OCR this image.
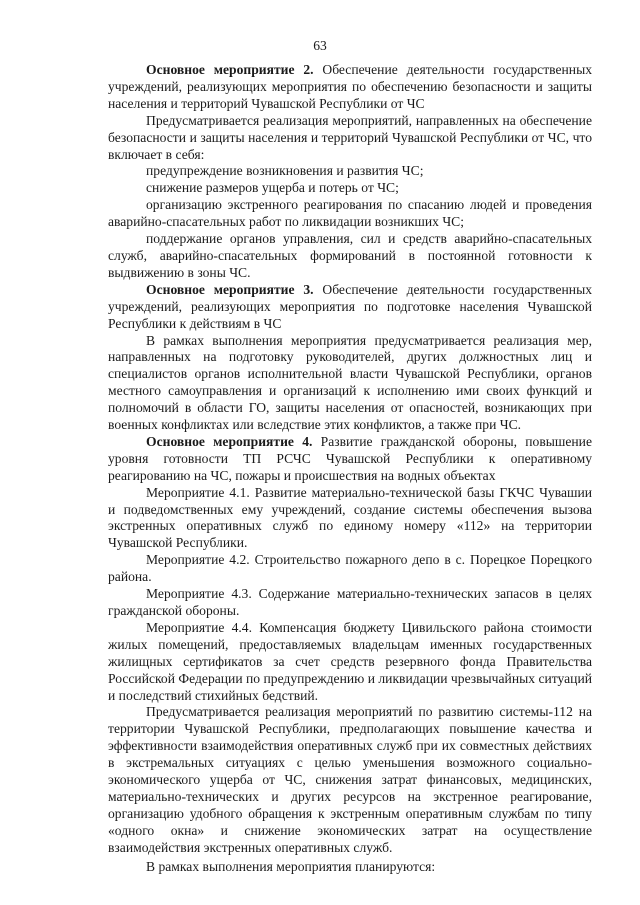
63

Основное мероприятие 2. Обеспечение деятельности государственных учреждений, реализующих мероприятия по обеспечению безопасности и защиты населения и территорий Чувашской Республики от ЧС

Предусматривается реализация мероприятий, направленных на обеспечение безопасности и защиты населения и территорий Чувашской Республики от ЧС, что включает в себя:

предупреждение возникновения и развития ЧС;

снижение размеров ущерба и потерь от ЧС;

организацию экстренного реагирования по спасанию людей и проведения аварийно-спасательных работ по ликвидации возникших ЧС;

поддержание органов управления, сил и средств аварийно-спасательных служб, аварийно-спасательных формирований в постоянной готовности к выдвижению в зоны ЧС.

Основное мероприятие 3. Обеспечение деятельности государственных учреждений, реализующих мероприятия по подготовке населения Чувашской Республики к действиям в ЧС

В рамках выполнения мероприятия предусматривается реализация мер, направленных на подготовку руководителей, других должностных лиц и специалистов органов исполнительной власти Чувашской Республики, органов местного самоуправления и организаций к исполнению ими своих функций и полномочий в области ГО, защиты населения от опасностей, возникающих при военных конфликтах или вследствие этих конфликтов, а также при ЧС.

Основное мероприятие 4. Развитие гражданской обороны, повышение уровня готовности ТП РСЧС Чувашской Республики к оперативному реагированию на ЧС, пожары и происшествия на водных объектах

Мероприятие 4.1. Развитие материально-технической базы ГКЧС Чувашии и подведомственных ему учреждений, создание системы обеспечения вызова экстренных оперативных служб по единому номеру «112» на территории Чувашской Республики.

Мероприятие 4.2. Строительство пожарного депо в с. Порецкое Порецкого района.

Мероприятие 4.3. Содержание материально-технических запасов в целях гражданской обороны.

Мероприятие 4.4. Компенсация бюджету Цивильского района стоимости жилых помещений, предоставляемых владельцам именных государственных жилищных сертификатов за счет средств резервного фонда Правительства Российской Федерации по предупреждению и ликвидации чрезвычайных ситуаций и последствий стихийных бедствий.

Предусматривается реализация мероприятий по развитию системы-112 на территории Чувашской Республики, предполагающих повышение качества и эффективности взаимодействия оперативных служб при их совместных действиях в экстремальных ситуациях с целью уменьшения возможного социально-экономического ущерба от ЧС, снижения затрат финансовых, медицинских, материально-технических и других ресурсов на экстренное реагирование, организацию удобного обращения к экстренным оперативным службам по типу «одного окна» и снижение экономических затрат на осуществление взаимодействия экстренных оперативных служб.

В рамках выполнения мероприятия планируются:
